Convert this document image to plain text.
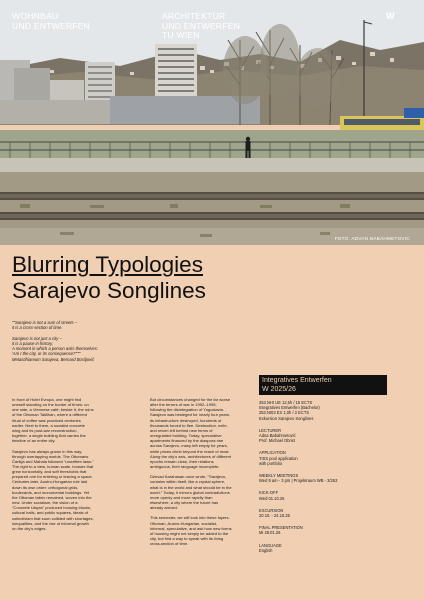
WOHNBAU
UND ENTWERFEN
ARCHITEKTUR
UND ENTWERFEN
TU WIEN
W
FOTO: ADVAN BABAHMETOVIC
Blurring Typologies
Sarajevo Songlines

""Sarajevo is not a sum of streets –
it is a cross-section of time.

Sarajevo is not just a city –
it is a pause in history.
A moment in which a person asks themselves:
'Am I the city, or its consequence?'"""
Metastihiareum Sarajeva, Bernard Bosiljović

In front of Hotel Evropa, one might find oneself standing on the border of times: on one side, a Viennese café; beside it, the ruins of the Ottoman Tašlihan, where a different ritual of coffee was practiced centuries earlier. Next to them, a socialist concrete wing and its post-war reconstruction, together, a single building that carries the timeline of an entire city.

Sarajevo has always grown in this way, through overlapping worlds. The Ottomans Čaršija and Mahala followed "unwritten laws." The right to a view, human scale, houses that grew horizontally, and soft thresholds that prepared one for entering or leaving a space. Centuries later, Austro-Hungarian rule laid down its own order: orthogonal grids, boulevards, and monumental buildings. Yet the Ottoman fabric remained, woven into the new. Under socialism, the vision of a "Concrete Utopia" produced housing blocks, cultural halls, and public squares, ideals of collectivism that soon collided with shortages, inequalities, and the rise of informal growth on the city's edges.

But circumstances changed for the far worse after the terrors of war in 1992–1995, following the disintegration of Yugoslavia. Sarajevo was besieged for nearly four years, its infrastructure destroyed, hundreds of thousands forced to flee. Destruction, exile, and return left behind new forms of unregulated building. Today, speculative apartments financed by the diaspora rise across Sarajevo, many left empty for years, while prices climb beyond the reach of most. Along the city's axis, architectures of different epochs remain close, their relations ambiguous, their language incomplete.

Dževad Karahasan once wrote, "Sarajevo, contains within itself, like a crystal sphere, what is in the world and what should be in the world." Today, it mirrors global contradictions more openly and more rapidly than elsewhere, a city where the future has already arrived.

This semester, we will look into these layers. Ottoman, Austro-Hungarian, socialist, informal, speculative, and ask how new forms of housing might not simply be added to the city, but find a way to speak with its living cross-section of time.

Integratives Entwerfen
W 2025/26
253.NHI UE 12,5h / 15 ECTS
Integratives Entwerfen (Bachelor)
253.NI03 EX 1,0h / 2 ECTS
Exkursion Sarajevo Songlines
LECTURER
Adna Babahmetović
Prof. Michael Obrist
APPLICATION
TISS pool application
with portfolio
WEEKLY MEETINGS
Wed 9 am - 3 pm | Projektraum WB - 3/253
KICK-OFF
Wed 01.10.25
EXCURSION
20.10. - 24.10.25
FINAL PRESENTATION
Mi 28.01.26
LANGUAGE
English
